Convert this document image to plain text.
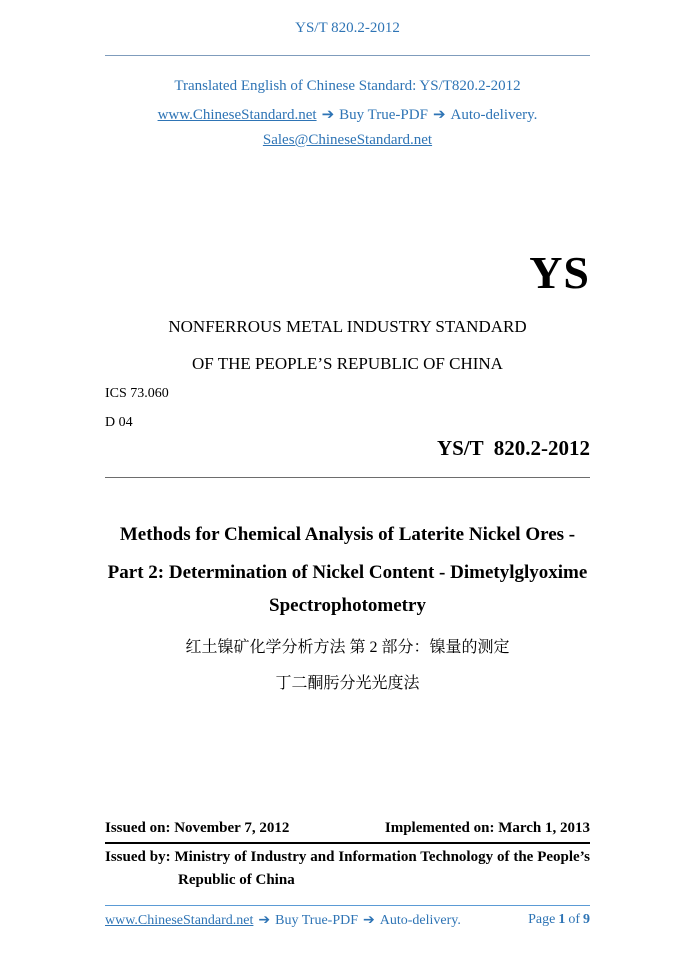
YS/T 820.2-2012
Translated English of Chinese Standard: YS/T820.2-2012
www.ChineseStandard.net ➔ Buy True-PDF ➔ Auto-delivery.
Sales@ChineseStandard.net
YS
NONFERROUS METAL INDUSTRY STANDARD
OF THE PEOPLE’S REPUBLIC OF CHINA
ICS 73.060
D 04
YS/T  820.2-2012
Methods for Chemical Analysis of Laterite Nickel Ores -
Part 2: Determination of Nickel Content - Dimetylglyoxime
Spectrophotometry
红土镍矿化学分析方法 第 2 部分：镍量的测定
丁二酮肟分光光度法
Issued on: November 7, 2012	Implemented on: March 1, 2013
Issued by: Ministry of Industry and Information Technology of the People’s
Republic of China
www.ChineseStandard.net ➔ Buy True-PDF ➔ Auto-delivery.	Page 1 of 9
